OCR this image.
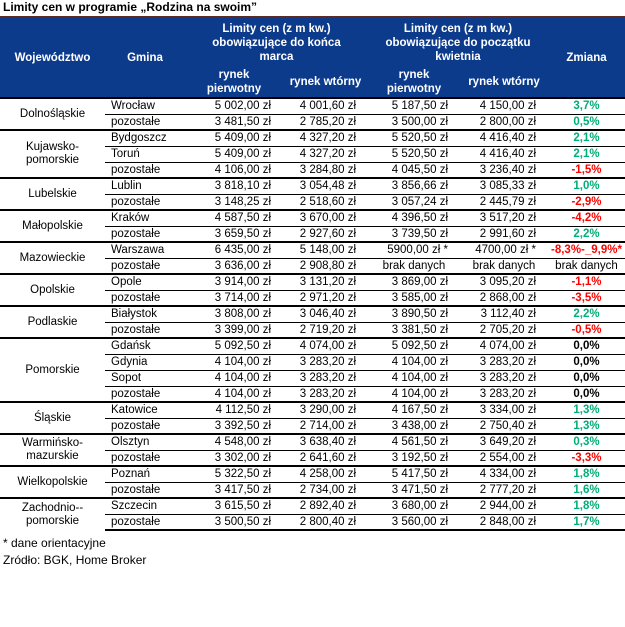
Limity cen w programie „Rodzina na swoim”
Województwo	Gmina	Limity cen (z m kw.) obowiązujące do końca marca		Limity cen (z m kw.) obowiązujące do początku kwietnia		Zmiana
		rynek pierwotny	rynek wtórny	rynek pierwotny	rynek wtórny	
Dolnośląskie	Wrocław	5 002,00 zł	4 001,60 zł	5 187,50 zł	4 150,00 zł	3,7%
	pozostałe	3 481,50 zł	2 785,20 zł	3 500,00 zł	2 800,00 zł	0,5%
Kujawsko-pomorskie	Bydgoszcz	5 409,00 zł	4 327,20 zł	5 520,50 zł	4 416,40 zł	2,1%
	Toruń	5 409,00 zł	4 327,20 zł	5 520,50 zł	4 416,40 zł	2,1%
	pozostałe	4 106,00 zł	3 284,80 zł	4 045,50 zł	3 236,40 zł	-1,5%
Lubelskie	Lublin	3 818,10 zł	3 054,48 zł	3 856,66 zł	3 085,33 zł	1,0%
	pozostałe	3 148,25 zł	2 518,60 zł	3 057,24 zł	2 445,79 zł	-2,9%
Małopolskie	Kraków	4 587,50 zł	3 670,00 zł	4 396,50 zł	3 517,20 zł	-4,2%
	pozostałe	3 659,50 zł	2 927,60 zł	3 739,50 zł	2 991,60 zł	2,2%
Mazowieckie	Warszawa	6 435,00 zł	5 148,00 zł	5900,00 zł *	4700,00 zł *	-8,3%-_9,9%*
	pozostałe	3 636,00 zł	2 908,80 zł	brak danych	brak danych	brak danych
Opolskie	Opole	3 914,00 zł	3 131,20 zł	3 869,00 zł	3 095,20 zł	-1,1%
	pozostałe	3 714,00 zł	2 971,20 zł	3 585,00 zł	2 868,00 zł	-3,5%
Podlaskie	Białystok	3 808,00 zł	3 046,40 zł	3 890,50 zł	3 112,40 zł	2,2%
	pozostałe	3 399,00 zł	2 719,20 zł	3 381,50 zł	2 705,20 zł	-0,5%
Pomorskie	Gdańsk	5 092,50 zł	4 074,00 zł	5 092,50 zł	4 074,00 zł	0,0%
	Gdynia	4 104,00 zł	3 283,20 zł	4 104,00 zł	3 283,20 zł	0,0%
	Sopot	4 104,00 zł	3 283,20 zł	4 104,00 zł	3 283,20 zł	0,0%
	pozostałe	4 104,00 zł	3 283,20 zł	4 104,00 zł	3 283,20 zł	0,0%
Śląskie	Katowice	4 112,50 zł	3 290,00 zł	4 167,50 zł	3 334,00 zł	1,3%
	pozostałe	3 392,50 zł	2 714,00 zł	3 438,00 zł	2 750,40 zł	1,3%
Warmińsko-mazurskie	Olsztyn	4 548,00 zł	3 638,40 zł	4 561,50 zł	3 649,20 zł	0,3%
	pozostałe	3 302,00 zł	2 641,60 zł	3 192,50 zł	2 554,00 zł	-3,3%
Wielkopolskie	Poznań	5 322,50 zł	4 258,00 zł	5 417,50 zł	4 334,00 zł	1,8%
	pozostałe	3 417,50 zł	2 734,00 zł	3 471,50 zł	2 777,20 zł	1,6%
Zachodnio--pomorskie	Szczecin	3 615,50 zł	2 892,40 zł	3 680,00 zł	2 944,00 zł	1,8%
	pozostałe	3 500,50 zł	2 800,40 zł	3 560,00 zł	2 848,00 zł	1,7%
* dane orientacyjne
Zródło: BGK, Home Broker
